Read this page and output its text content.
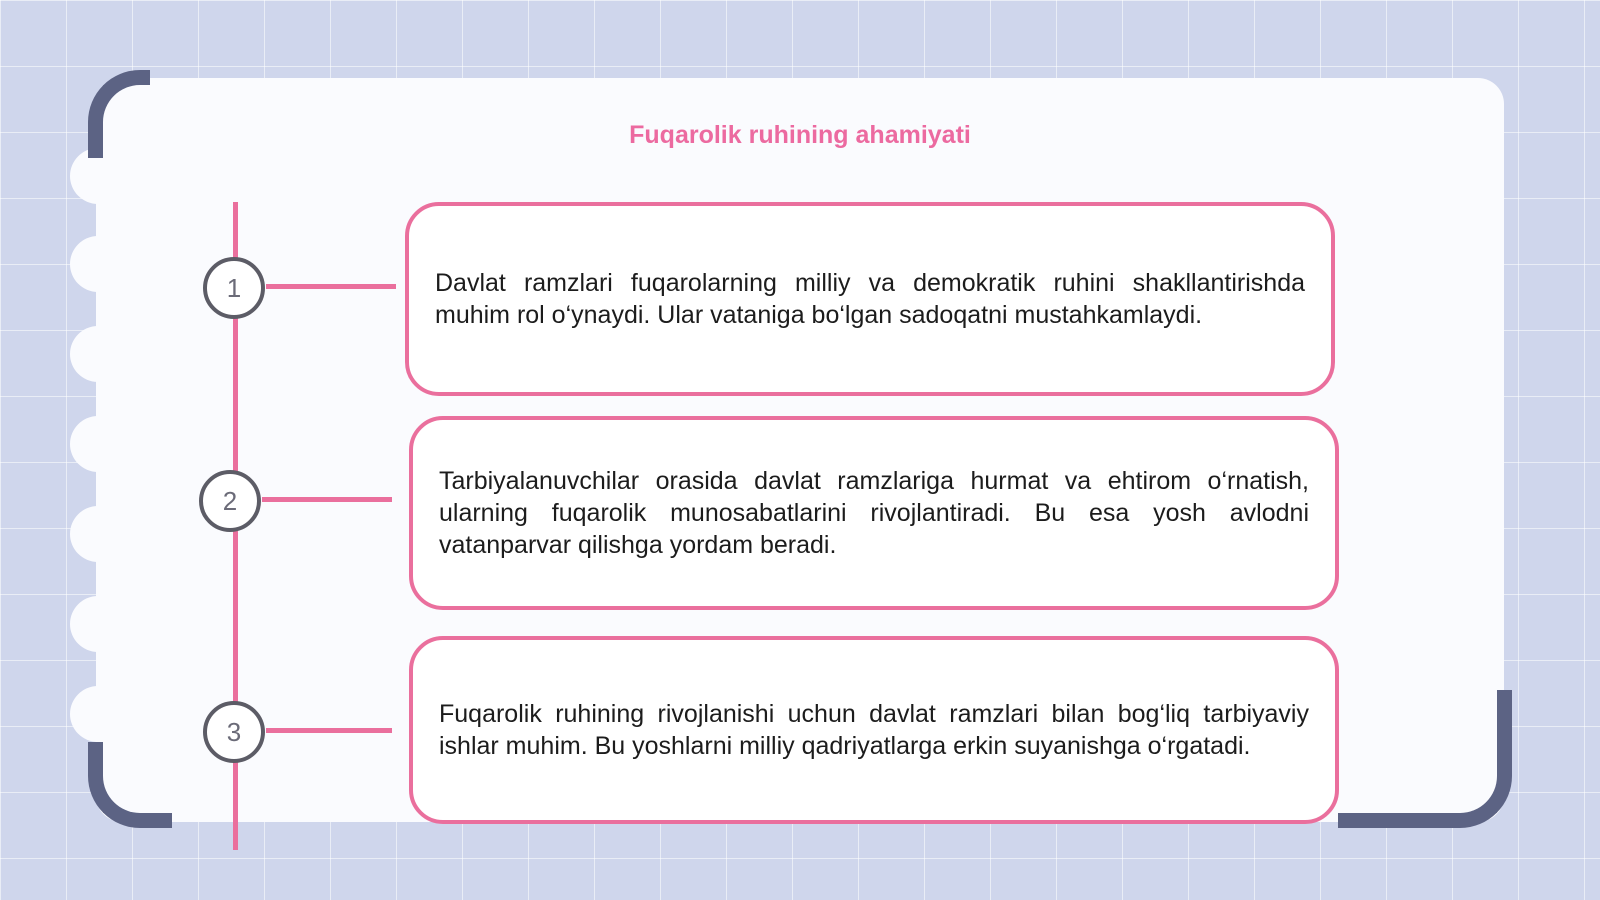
Fuqarolik ruhining ahamiyati
1
2
3

Davlat ramzlari fuqarolarning milliy va demokratik ruhini shakllantirishda muhim rol o‘ynaydi. Ular vataniga bo‘lgan sadoqatni mustahkamlaydi.

Tarbiyalanuvchilar orasida davlat ramzlariga hurmat va ehtirom o‘rnatish, ularning fuqarolik munosabatlarini rivojlantiradi. Bu esa yosh avlodni vatanparvar qilishga yordam beradi.

Fuqarolik ruhining rivojlanishi uchun davlat ramzlari bilan bog‘liq tarbiyaviy ishlar muhim. Bu yoshlarni milliy qadriyatlarga erkin suyanishga o‘rgatadi.
